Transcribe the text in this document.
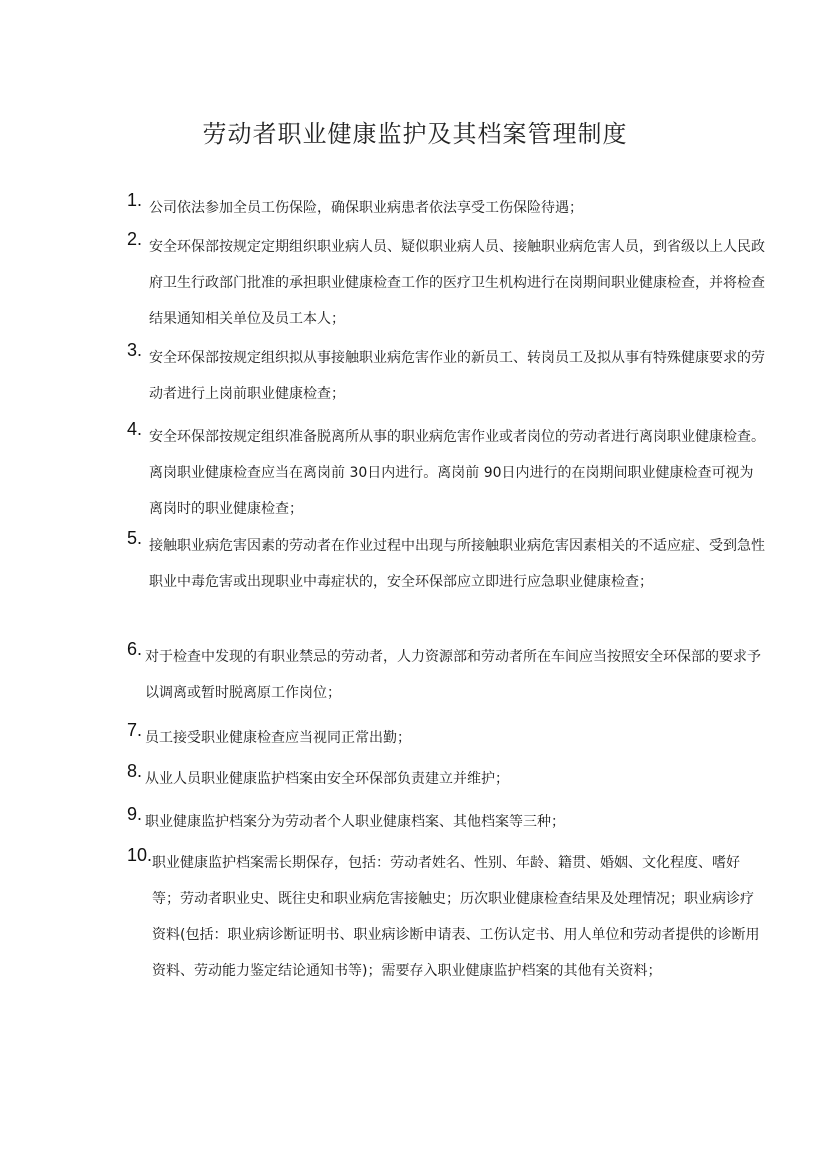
劳动者职业健康监护及其档案管理制度
1. 公司依法参加全员工伤保险，确保职业病患者依法享受工伤保险待遇；
2. 安全环保部按规定定期组织职业病人员、疑似职业病人员、接触职业病危害人员，到省级以上人民政府卫生行政部门批准的承担职业健康检查工作的医疗卫生机构进行在岗期间职业健康检查，并将检查结果通知相关单位及员工本人；
3. 安全环保部按规定组织拟从事接触职业病危害作业的新员工、转岗员工及拟从事有特殊健康要求的劳动者进行上岗前职业健康检查；
4. 安全环保部按规定组织准备脱离所从事的职业病危害作业或者岗位的劳动者进行离岗职业健康检查。离岗职业健康检查应当在离岗前 30日内进行。离岗前 90日内进行的在岗期间职业健康检查可视为离岗时的职业健康检查；
5. 接触职业病危害因素的劳动者在作业过程中出现与所接触职业病危害因素相关的不适应症、受到急性职业中毒危害或出现职业中毒症状的，安全环保部应立即进行应急职业健康检查；
6. 对于检查中发现的有职业禁忌的劳动者，人力资源部和劳动者所在车间应当按照安全环保部的要求予以调离或暂时脱离原工作岗位；
7. 员工接受职业健康检查应当视同正常出勤；
8. 从业人员职业健康监护档案由安全环保部负责建立并维护；
9. 职业健康监护档案分为劳动者个人职业健康档案、其他档案等三种；
10. 职业健康监护档案需长期保存，包括：劳动者姓名、性别、年龄、籍贯、婚姻、文化程度、嗜好等；劳动者职业史、既往史和职业病危害接触史；历次职业健康检查结果及处理情况；职业病诊疗资料(包括：职业病诊断证明书、职业病诊断申请表、工伤认定书、用人单位和劳动者提供的诊断用资料、劳动能力鉴定结论通知书等)；需要存入职业健康监护档案的其他有关资料；
